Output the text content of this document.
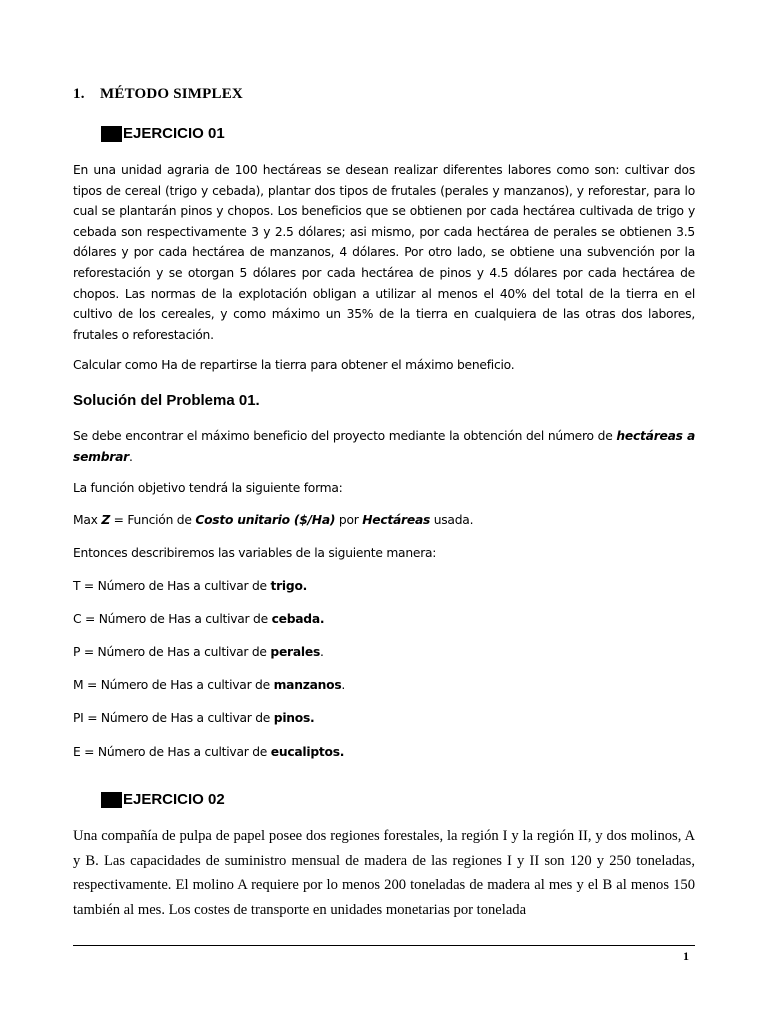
1. MÉTODO SIMPLEX
EJERCICIO 01

En una unidad agraria de 100 hectáreas se desean realizar diferentes labores como son: cultivar dos tipos de cereal (trigo y cebada), plantar dos tipos de frutales (perales y manzanos), y reforestar, para lo cual se plantarán pinos y chopos. Los beneficios que se obtienen por cada hectárea cultivada de trigo y cebada son respectivamente 3 y 2.5 dólares; asi mismo, por cada hectárea de perales se obtienen 3.5 dólares y por cada hectárea de manzanos, 4 dólares. Por otro lado, se obtiene una subvención por la reforestación y se otorgan 5 dólares por cada hectárea de pinos y 4.5 dólares por cada hectárea de chopos. Las normas de la explotación obligan a utilizar al menos el 40% del total de la tierra en el cultivo de los cereales, y como máximo un 35% de la tierra en cualquiera de las otras dos labores, frutales o reforestación.

Calcular como Ha de repartirse la tierra para obtener el máximo beneficio.
Solución del Problema 01.

Se debe encontrar el máximo beneficio del proyecto mediante la obtención del número de hectáreas a sembrar.

La función objetivo tendrá la siguiente forma:
Max Z = Función de Costo unitario ($/Ha) por Hectáreas usada.
Entonces describiremos las variables de la siguiente manera:
T = Número de Has a cultivar de trigo.
C = Número de Has a cultivar de cebada.
P = Número de Has a cultivar de perales.
M = Número de Has a cultivar de manzanos.
PI = Número de Has a cultivar de pinos.
E = Número de Has a cultivar de eucaliptos.
EJERCICIO 02

Una compañía de pulpa de papel posee dos regiones forestales, la región I y la región II, y dos molinos, A y B. Las capacidades de suministro mensual de madera de las regiones I y II son 120 y 250 toneladas, respectivamente. El molino A requiere por lo menos 200 toneladas de madera al mes y el B al menos 150 también al mes. Los costes de transporte en unidades monetarias por tonelada

1
